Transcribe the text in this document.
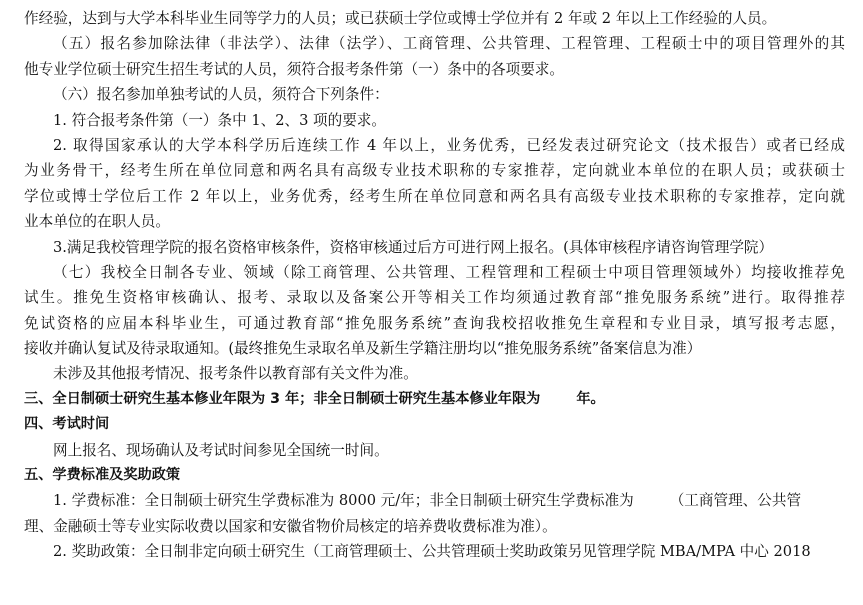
作经验，达到与大学本科毕业生同等学力的人员；或已获硕士学位或博士学位并有 2 年或 2 年以上工作经验的人员。
（五）报名参加除法律（非法学）、法律（法学）、工商管理、公共管理、工程管理、工程硕士中的项目管理外的其
他专业学位硕士研究生招生考试的人员，须符合报考条件第（一）条中的各项要求。
（六）报名参加单独考试的人员，须符合下列条件：
1. 符合报考条件第（一）条中 1、2、3 项的要求。
2. 取得国家承认的大学本科学历后连续工作 4 年以上，业务优秀，已经发表过研究论文（技术报告）或者已经成
为业务骨干，经考生所在单位同意和两名具有高级专业技术职称的专家推荐，定向就业本单位的在职人员；或获硕士
学位或博士学位后工作 2 年以上，业务优秀，经考生所在单位同意和两名具有高级专业技术职称的专家推荐，定向就
业本单位的在职人员。
3.满足我校管理学院的报名资格审核条件，资格审核通过后方可进行网上报名。(具体审核程序请咨询管理学院）
（七）我校全日制各专业、领域（除工商管理、公共管理、工程管理和工程硕士中项目管理领域外）均接收推荐免
试生。推免生资格审核确认、报考、录取以及备案公开等相关工作均须通过教育部“推免服务系统”进行。取得推荐
免试资格的应届本科毕业生，可通过教育部“推免服务系统”查询我校招收推免生章程和专业目录，填写报考志愿，
接收并确认复试及待录取通知。(最终推免生录取名单及新生学籍注册均以“推免服务系统”备案信息为准）
未涉及其他报考情况、报考条件以教育部有关文件为准。
三、全日制硕士研究生基本修业年限为 3 年；非全日制硕士研究生基本修业年限为	年。
四、考试时间
网上报名、现场确认及考试时间参见全国统一时间。
五、学费标准及奖助政策
1. 学费标准：全日制硕士研究生学费标准为 8000 元/年；非全日制硕士研究生学费标准为 （工商管理、公共管
理、金融硕士等专业实际收费以国家和安徽省物价局核定的培养费收费标准为准）。
2. 奖助政策：全日制非定向硕士研究生（工商管理硕士、公共管理硕士奖助政策另见管理学院 MBA/MPA 中心 2018
